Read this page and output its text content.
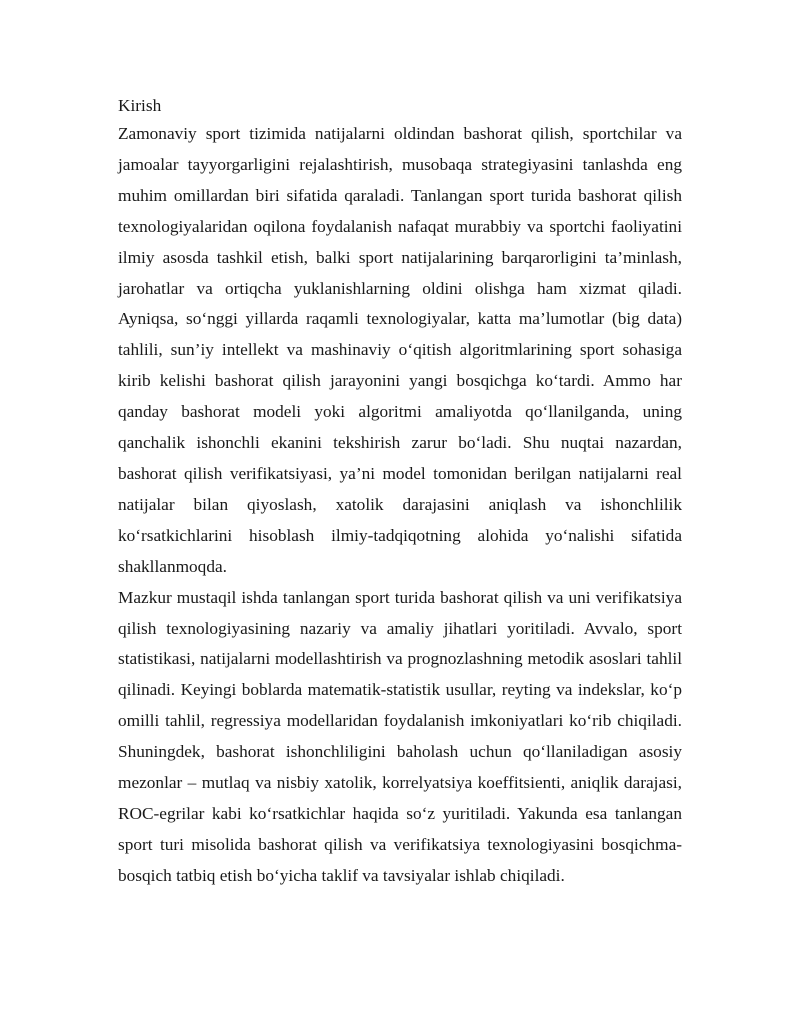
Kirish

Zamonaviy sport tizimida natijalarni oldindan bashorat qilish, sportchilar va jamoalar tayyorgarligini rejalashtirish, musobaqa strategiyasini tanlashda eng muhim omillardan biri sifatida qaraladi. Tanlangan sport turida bashorat qilish texnologiyalaridan oqilona foydalanish nafaqat murabbiy va sportchi faoliyatini ilmiy asosda tashkil etish, balki sport natijalarining barqarorligini ta’minlash, jarohatlar va ortiqcha yuklanishlarning oldini olishga ham xizmat qiladi. Ayniqsa, so‘nggi yillarda raqamli texnologiyalar, katta ma’lumotlar (big data) tahlili, sun’iy intellekt va mashinaviy o‘qitish algoritmlarining sport sohasiga kirib kelishi bashorat qilish jarayonini yangi bosqichga ko‘tardi. Ammo har qanday bashorat modeli yoki algoritmi amaliyotda qo‘llanilganda, uning qanchalik ishonchli ekanini tekshirish zarur bo‘ladi. Shu nuqtai nazardan, bashorat qilish verifikatsiyasi, ya’ni model tomonidan berilgan natijalarni real natijalar bilan qiyoslash, xatolik darajasini aniqlash va ishonchlilik ko‘rsatkichlarini hisoblash ilmiy-tadqiqotning alohida yo‘nalishi sifatida shakllanmoqda.

Mazkur mustaqil ishda tanlangan sport turida bashorat qilish va uni verifikatsiya qilish texnologiyasining nazariy va amaliy jihatlari yoritiladi. Avvalo, sport statistikasi, natijalarni modellashtirish va prognozlashning metodik asoslari tahlil qilinadi. Keyingi boblarda matematik-statistik usullar, reyting va indekslar, ko‘p omilli tahlil, regressiya modellaridan foydalanish imkoniyatlari ko‘rib chiqiladi. Shuningdek, bashorat ishonchliligini baholash uchun qo‘llaniladigan asosiy mezonlar – mutlaq va nisbiy xatolik, korrelyatsiya koeffitsienti, aniqlik darajasi, ROC-egrilar kabi ko‘rsatkichlar haqida so‘z yuritiladi. Yakunda esa tanlangan sport turi misolida bashorat qilish va verifikatsiya texnologiyasini bosqichma-bosqich tatbiq etish bo‘yicha taklif va tavsiyalar ishlab chiqiladi.
